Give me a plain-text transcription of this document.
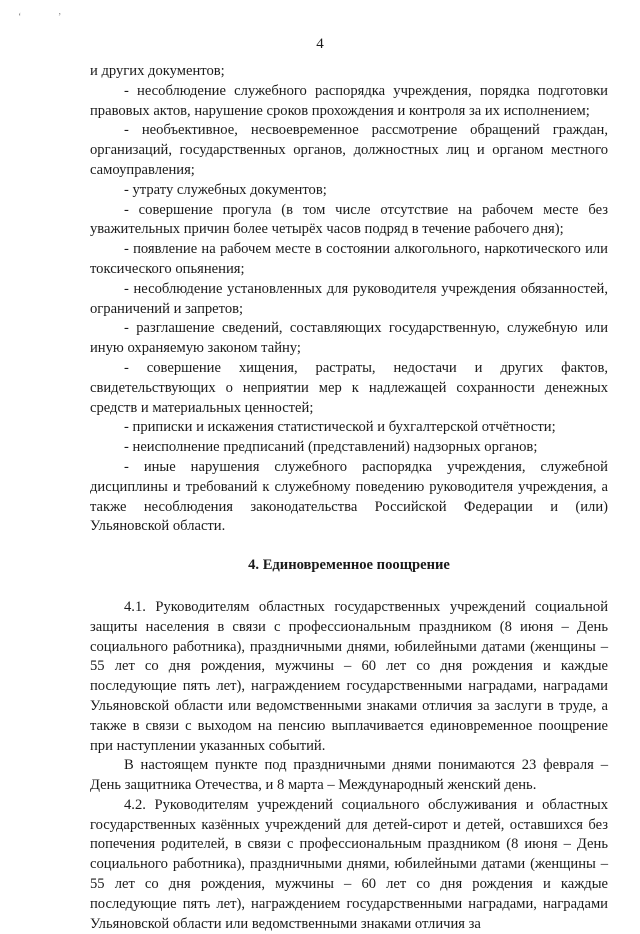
ʻ	ʼ
4

и других документов;

- несоблюдение служебного распорядка учреждения, порядка подготовки правовых актов, нарушение сроков прохождения и контроля за их исполнением;

- необъективное, несвоевременное рассмотрение обращений граждан, организаций, государственных органов, должностных лиц и органом местного самоуправления;

- утрату служебных документов;

- совершение прогула (в том числе отсутствие на рабочем месте без уважительных причин более четырёх часов подряд в течение рабочего дня);

- появление на рабочем месте в состоянии алкогольного, наркотического или токсического опьянения;

- несоблюдение установленных для руководителя учреждения обязанностей, ограничений и запретов;

- разглашение сведений, составляющих государственную, служебную или иную охраняемую законом тайну;

- совершение хищения, растраты, недостачи и других фактов, свидетельствующих о неприятии мер к надлежащей сохранности денежных средств и материальных ценностей;

- приписки и искажения статистической и бухгалтерской отчётности;

- неисполнение предписаний (представлений) надзорных органов;

- иные нарушения служебного распорядка учреждения, служебной дисциплины и требований к служебному поведению руководителя учреждения, а также несоблюдения законодательства Российской Федерации и (или) Ульяновской области.

4. Единовременное поощрение

4.1. Руководителям областных государственных учреждений социальной защиты населения в связи с профессиональным праздником (8 июня – День социального работника), праздничными днями, юбилейными датами (женщины – 55 лет со дня рождения, мужчины – 60 лет со дня рождения и каждые последующие пять лет), награждением государственными наградами, наградами Ульяновской области или ведомственными знаками отличия за заслуги в труде, а также в связи с выходом на пенсию выплачивается единовременное поощрение при наступлении указанных событий.

В настоящем пункте под праздничными днями понимаются 23 февраля – День защитника Отечества, и 8 марта – Международный женский день.

4.2. Руководителям учреждений социального обслуживания и областных государственных казённых учреждений для детей-сирот и детей, оставшихся без попечения родителей, в связи с профессиональным праздником (8 июня – День социального работника), праздничными днями, юбилейными датами (женщины – 55 лет со дня рождения, мужчины – 60 лет со дня рождения и каждые последующие пять лет), награждением государственными наградами, наградами Ульяновской области или ведомственными знаками отличия за
